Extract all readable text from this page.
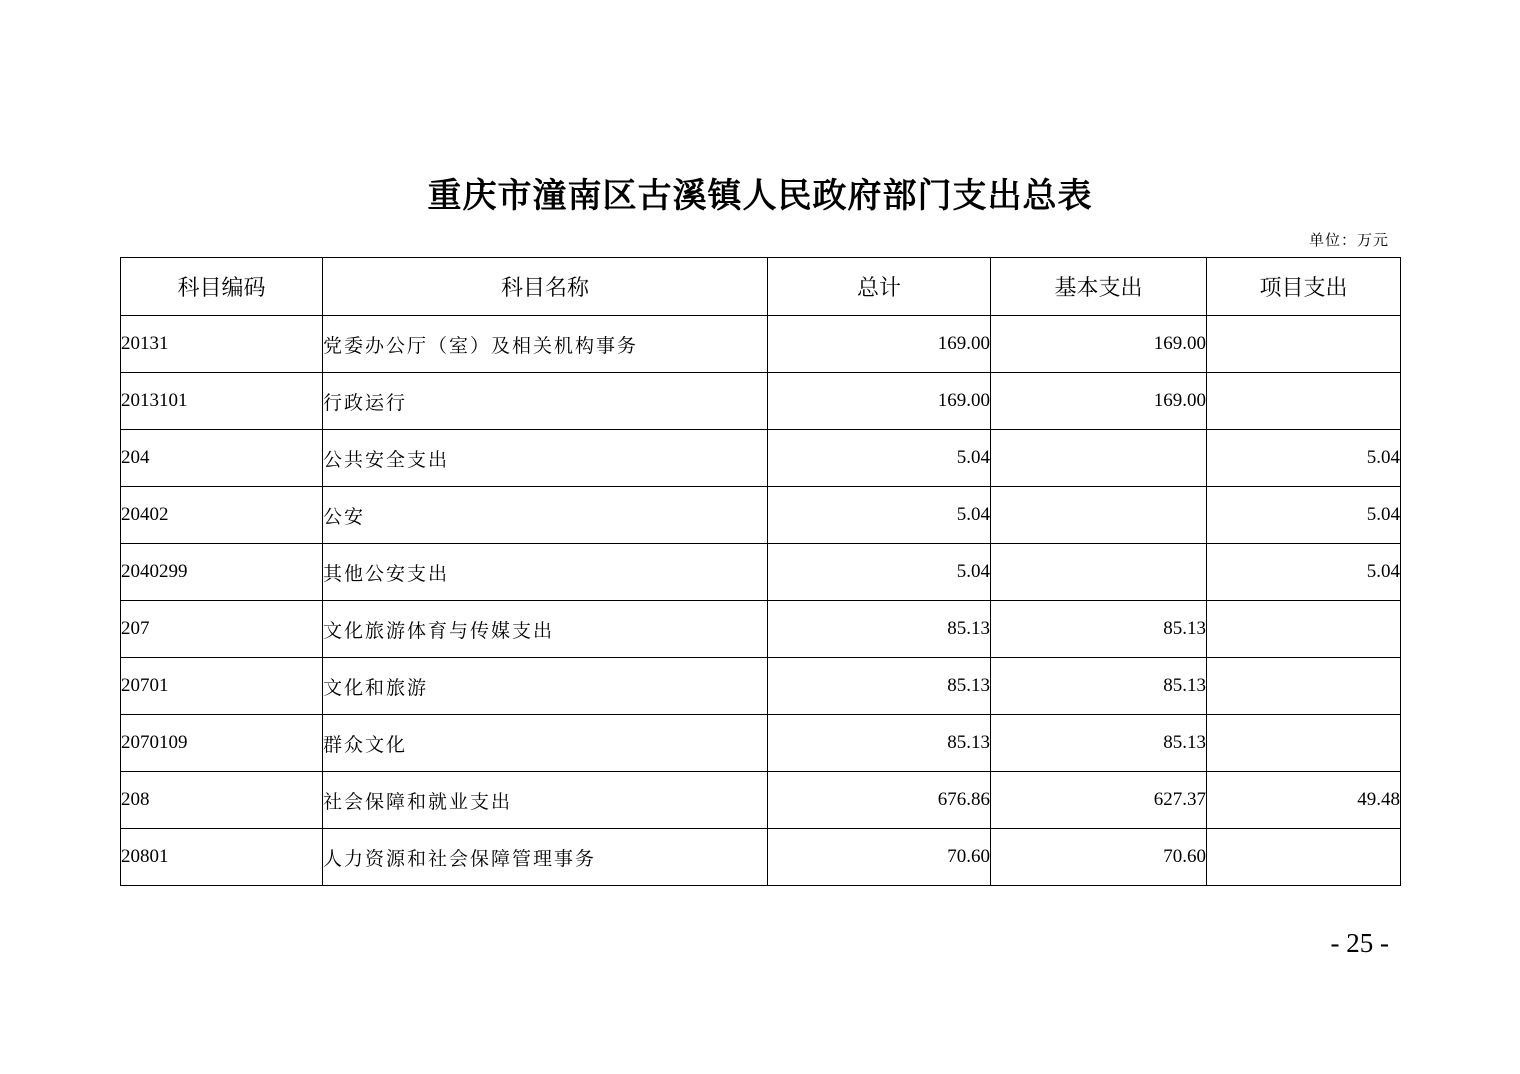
重庆市潼南区古溪镇人民政府部门支出总表
单位：万元
科目编码	科目名称	总计	基本支出	项目支出
20131	党委办公厅（室）及相关机构事务	169.00	169.00	
2013101	行政运行	169.00	169.00	
204	公共安全支出	5.04		5.04
20402	公安	5.04		5.04
2040299	其他公安支出	5.04		5.04
207	文化旅游体育与传媒支出	85.13	85.13	
20701	文化和旅游	85.13	85.13	
2070109	群众文化	85.13	85.13	
208	社会保障和就业支出	676.86	627.37	49.48
20801	人力资源和社会保障管理事务	70.60	70.60	
- 25 -
